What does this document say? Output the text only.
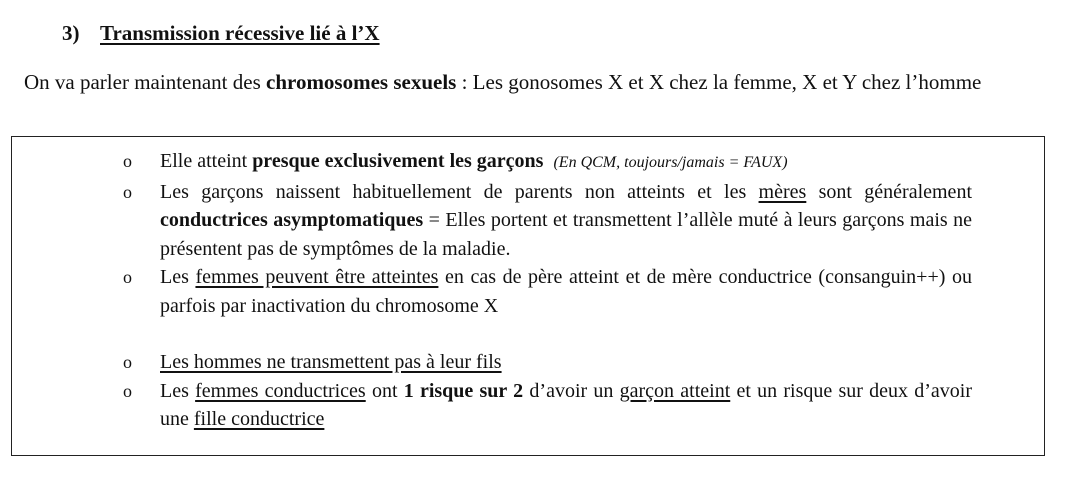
3) Transmission récessive lié à l’X
On va parler maintenant des chromosomes sexuels : Les gonosomes X et X chez la femme, X et Y chez l’homme
o Elle atteint presque exclusivement les garçons (En QCM, toujours/jamais = FAUX)
o Les garçons naissent habituellement de parents non atteints et les mères sont généralement conductrices asymptomatiques = Elles portent et transmettent l’allèle muté à leurs garçons mais ne présentent pas de symptômes de la maladie.
o Les femmes peuvent être atteintes en cas de père atteint et de mère conductrice (consanguin++) ou parfois par inactivation du chromosome X
o Les hommes ne transmettent pas à leur fils
o Les femmes conductrices ont 1 risque sur 2 d’avoir un garçon atteint et un risque sur deux d’avoir une fille conductrice
